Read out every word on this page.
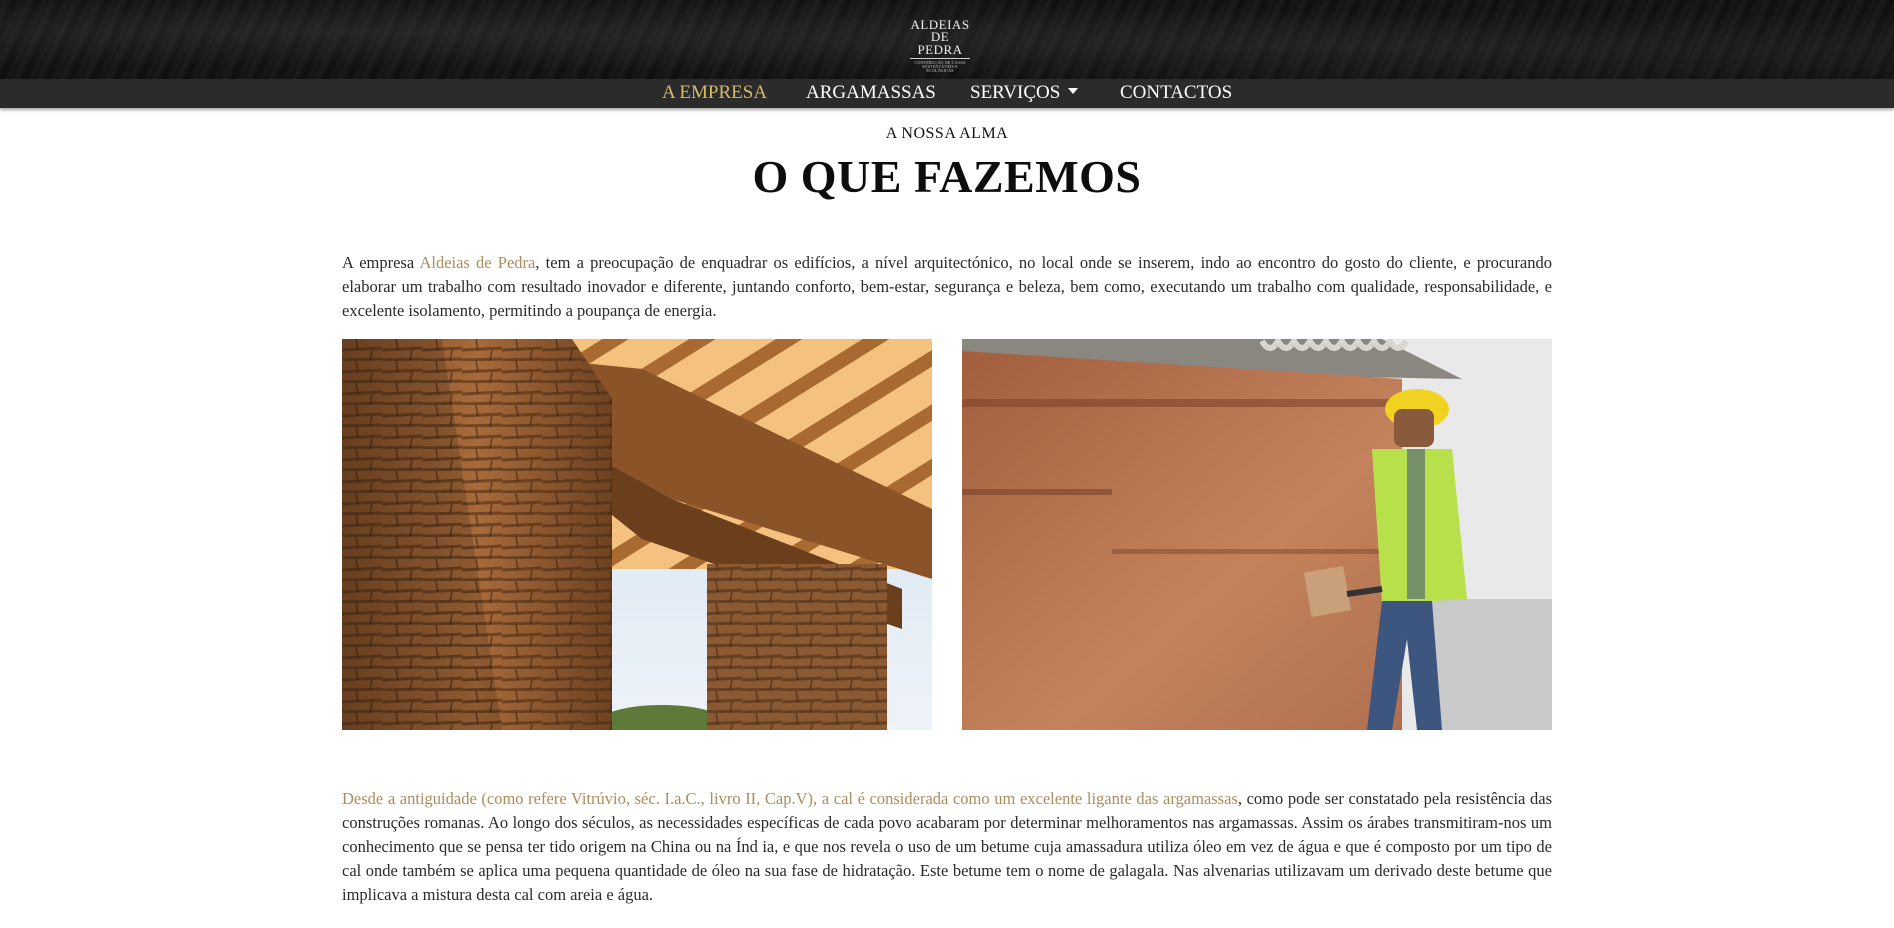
ALDEIAS
DE PEDRA
CONSTRUÇÃO DE CASAS
SUSTENTÁVEIS E ECOLÓGICAS
A EMPRESA ARGAMASSAS SERVIÇOS	CONTACTOS
A NOSSA ALMA
O QUE FAZEMOS

A empresa Aldeias de Pedra, tem a preocupação de enquadrar os edifícios, a nível arquitectónico, no local onde se inserem, indo ao encontro do gosto do cliente, e procurando elaborar um trabalho com resultado inovador e diferente, juntando conforto, bem-estar, segurança e beleza, bem como, executando um trabalho com qualidade, responsabilidade, e excelente isolamento, permitindo a poupança de energia.

Desde a antiguidade (como refere Vitrúvio, séc. I.a.C., livro II, Cap.V), a cal é considerada como um excelente ligante das argamassas, como pode ser constatado pela resistência das construções romanas. Ao longo dos séculos, as necessidades específicas de cada povo acabaram por determinar melhoramentos nas argamassas. Assim os árabes transmitiram-nos um conhecimento que se pensa ter tido origem na China ou na Índ ia, e que nos revela o uso de um betume cuja amassadura utiliza óleo em vez de água e que é composto por um tipo de cal onde também se aplica uma pequena quantidade de óleo na sua fase de hidratação. Este betume tem o nome de galagala. Nas alvenarias utilizavam um derivado deste betume que implicava a mistura desta cal com areia e água.
